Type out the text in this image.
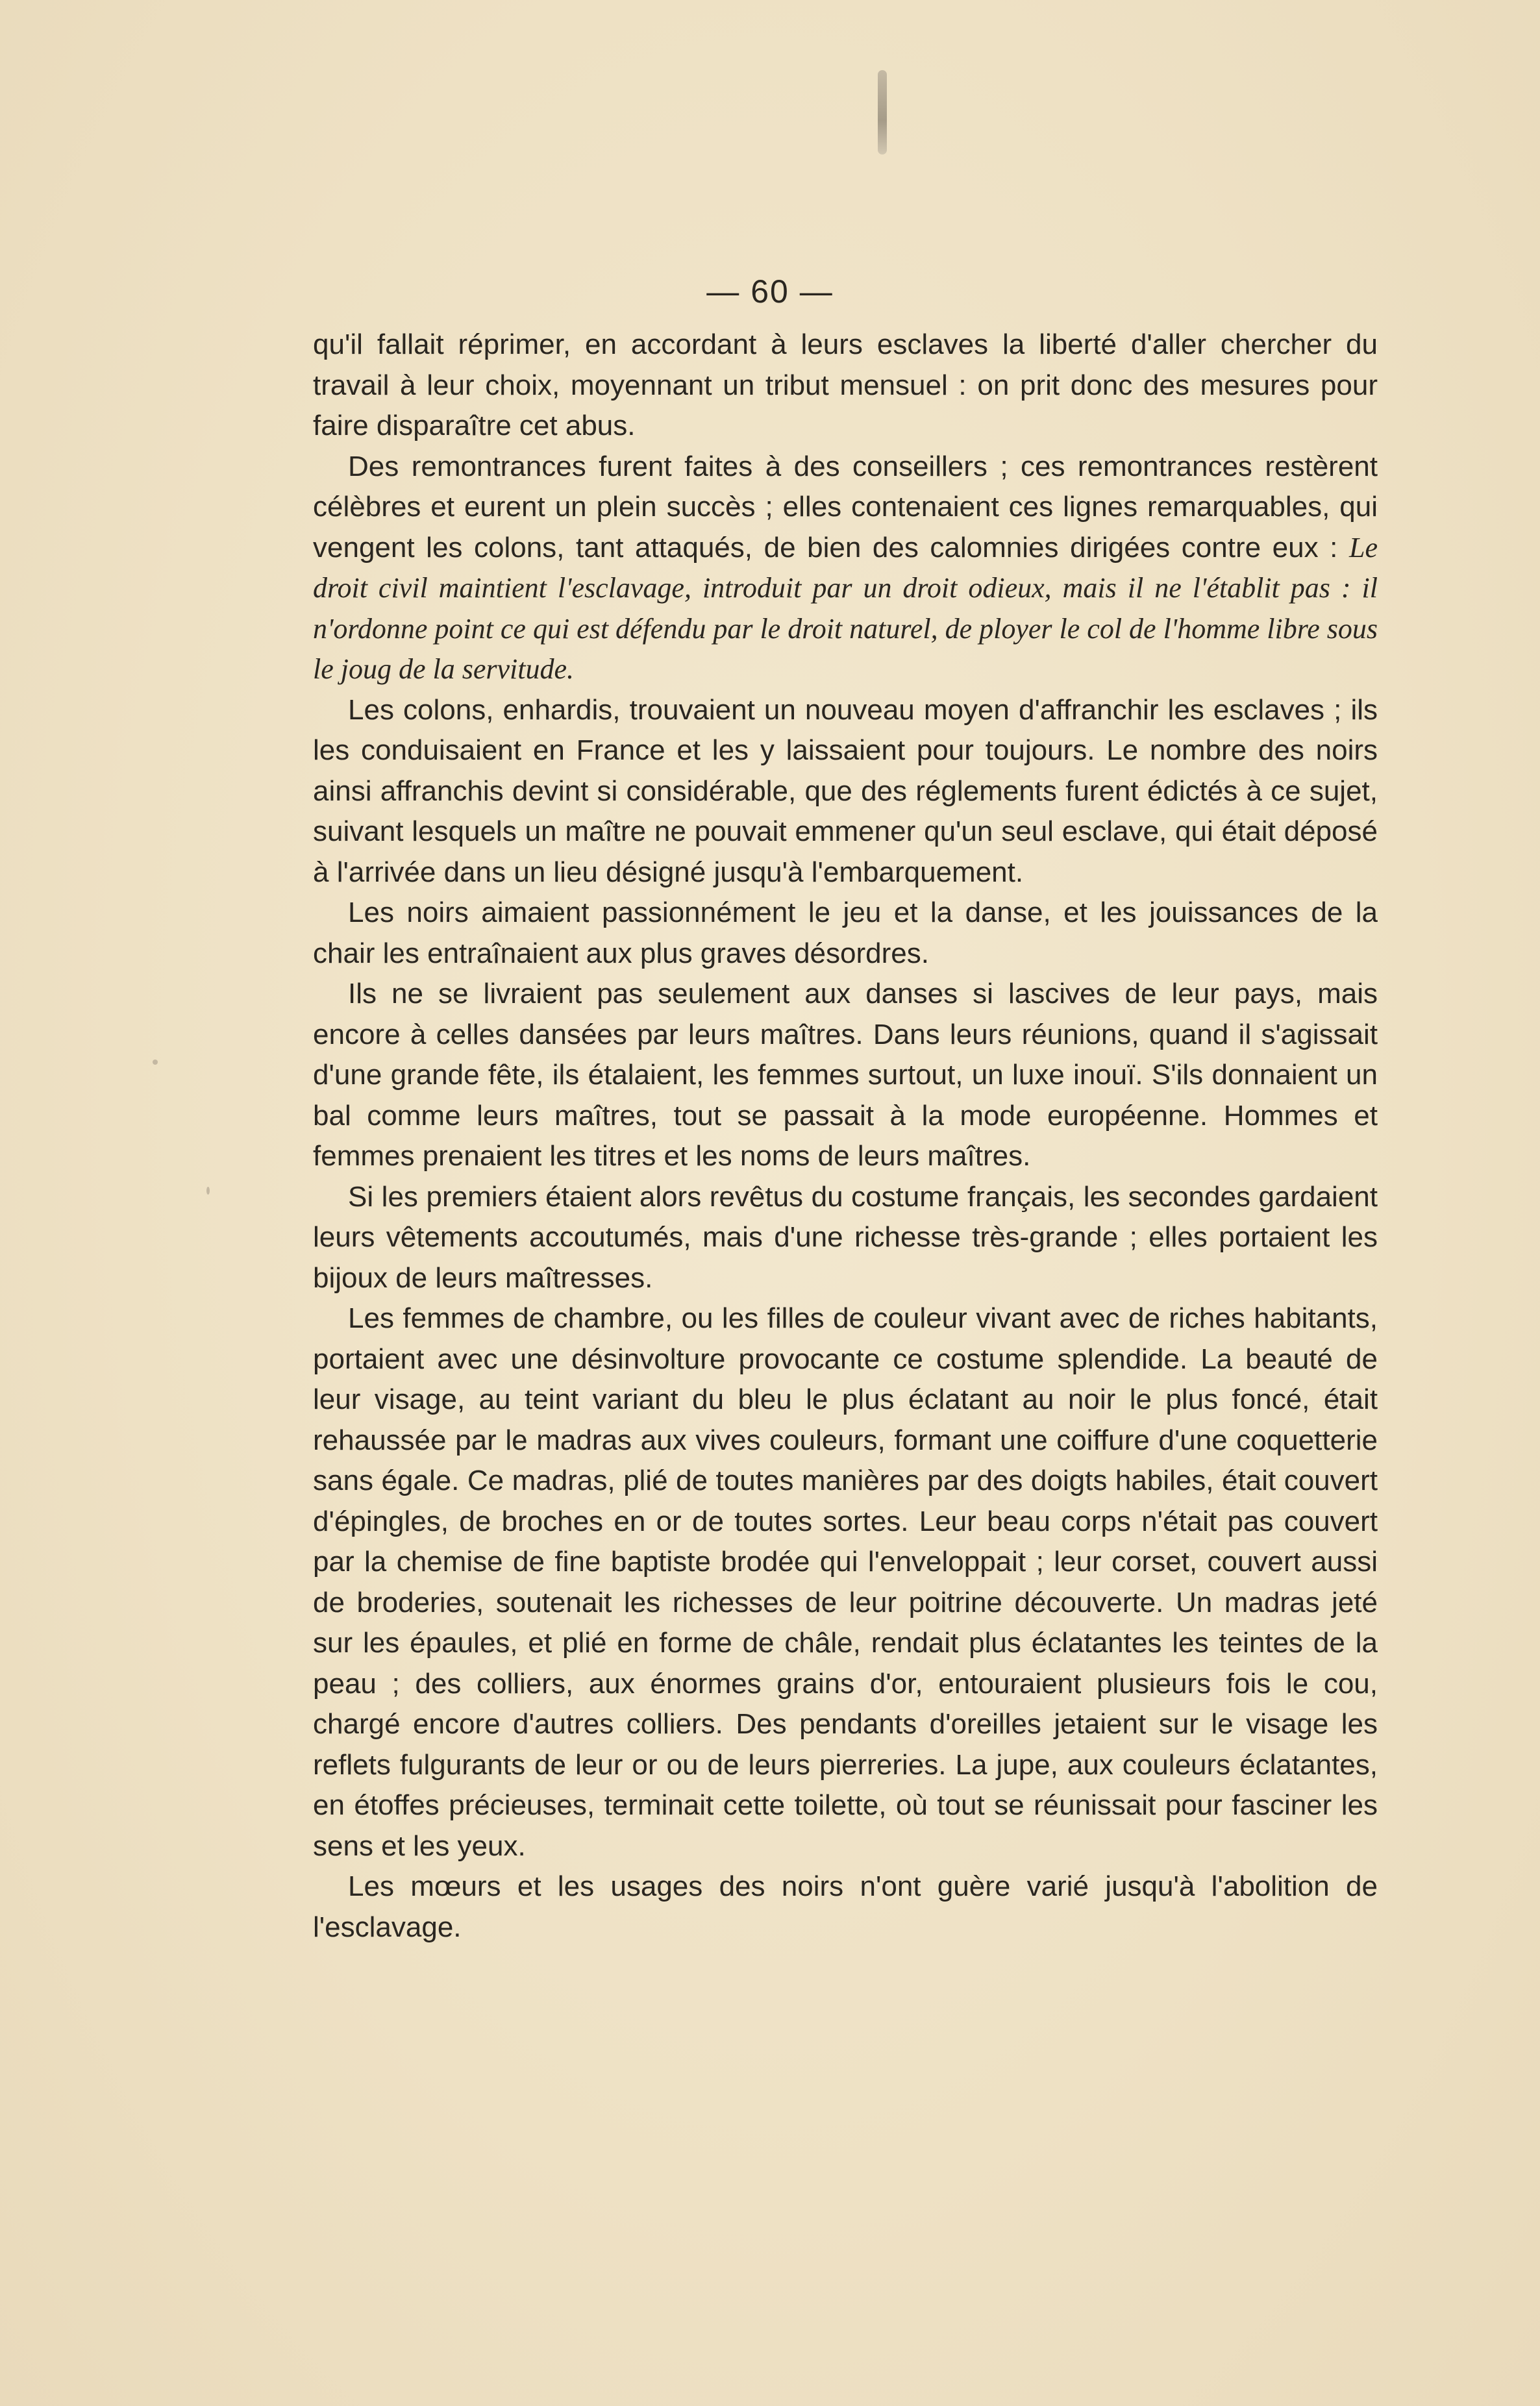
— 60 —

qu'il fallait réprimer, en accordant à leurs esclaves la liberté d'aller chercher du travail à leur choix, moyennant un tribut mensuel : on prit donc des mesures pour faire disparaître cet abus.

Des remontrances furent faites à des conseillers ; ces remontrances restèrent célèbres et eurent un plein succès ; elles contenaient ces lignes remarquables, qui vengent les colons, tant attaqués, de bien des calomnies dirigées contre eux : Le droit civil maintient l'esclavage, introduit par un droit odieux, mais il ne l'établit pas : il n'ordonne point ce qui est défendu par le droit naturel, de ployer le col de l'homme libre sous le joug de la servitude.

Les colons, enhardis, trouvaient un nouveau moyen d'affranchir les esclaves ; ils les conduisaient en France et les y laissaient pour toujours. Le nombre des noirs ainsi affranchis devint si considérable, que des réglements furent édictés à ce sujet, suivant lesquels un maître ne pouvait emmener qu'un seul esclave, qui était déposé à l'arrivée dans un lieu désigné jusqu'à l'embarquement.

Les noirs aimaient passionnément le jeu et la danse, et les jouissances de la chair les entraînaient aux plus graves désordres.

Ils ne se livraient pas seulement aux danses si lascives de leur pays, mais encore à celles dansées par leurs maîtres. Dans leurs réunions, quand il s'agissait d'une grande fête, ils étalaient, les femmes surtout, un luxe inouï. S'ils donnaient un bal comme leurs maîtres, tout se passait à la mode européenne. Hommes et femmes prenaient les titres et les noms de leurs maîtres.

Si les premiers étaient alors revêtus du costume français, les secondes gardaient leurs vêtements accoutumés, mais d'une richesse très-grande ; elles portaient les bijoux de leurs maîtresses.

Les femmes de chambre, ou les filles de couleur vivant avec de riches habitants, portaient avec une désinvolture provocante ce costume splendide. La beauté de leur visage, au teint variant du bleu le plus éclatant au noir le plus foncé, était rehaussée par le madras aux vives couleurs, formant une coiffure d'une coquetterie sans égale. Ce madras, plié de toutes manières par des doigts habiles, était couvert d'épingles, de broches en or de toutes sortes. Leur beau corps n'était pas couvert par la chemise de fine baptiste brodée qui l'enveloppait ; leur corset, couvert aussi de broderies, soutenait les richesses de leur poitrine découverte. Un madras jeté sur les épaules, et plié en forme de châle, rendait plus éclatantes les teintes de la peau ; des colliers, aux énormes grains d'or, entouraient plusieurs fois le cou, chargé encore d'autres colliers. Des pendants d'oreilles jetaient sur le visage les reflets fulgurants de leur or ou de leurs pierreries. La jupe, aux couleurs éclatantes, en étoffes précieuses, terminait cette toilette, où tout se réunissait pour fasciner les sens et les yeux.

Les mœurs et les usages des noirs n'ont guère varié jusqu'à l'abolition de l'esclavage.
